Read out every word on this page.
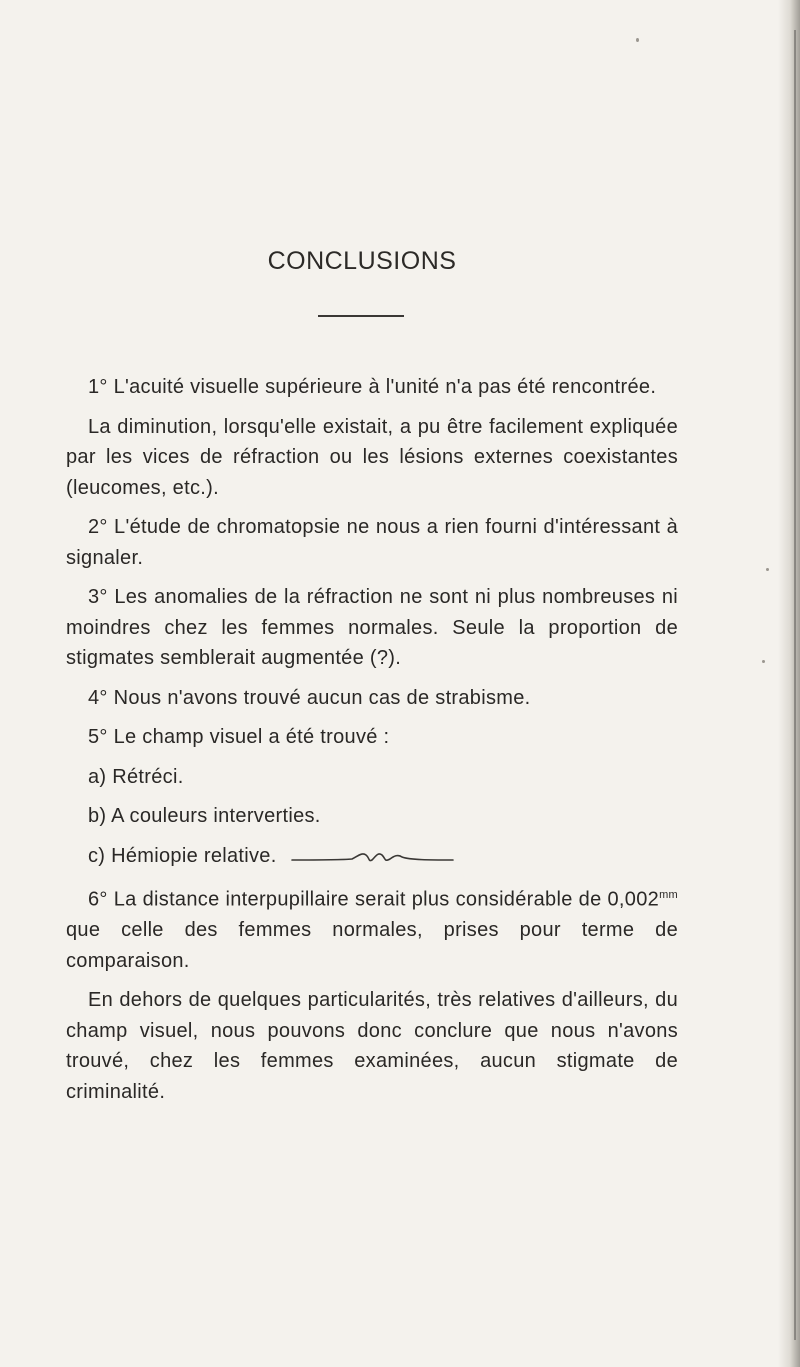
CONCLUSIONS

1° L'acuité visuelle supérieure à l'unité n'a pas été rencontrée.

La diminution, lorsqu'elle existait, a pu être facilement expliquée par les vices de réfraction ou les lésions externes coexistantes (leucomes, etc.).

2° L'étude de chromatopsie ne nous a rien fourni d'intéressant à signaler.

3° Les anomalies de la réfraction ne sont ni plus nombreuses ni moindres chez les femmes normales. Seule la proportion de stigmates semblerait augmentée (?).

4° Nous n'avons trouvé aucun cas de strabisme.

5° Le champ visuel a été trouvé :

a) Rétréci.

b) A couleurs interverties.

c) Hémiopie relative.

6° La distance interpupillaire serait plus considérable de $0,002^{mm}$ que celle des femmes normales, prises pour terme de comparaison.

En dehors de quelques particularités, très relatives d'ailleurs, du champ visuel, nous pouvons donc conclure que nous n'avons trouvé, chez les femmes examinées, aucun stigmate de criminalité.
